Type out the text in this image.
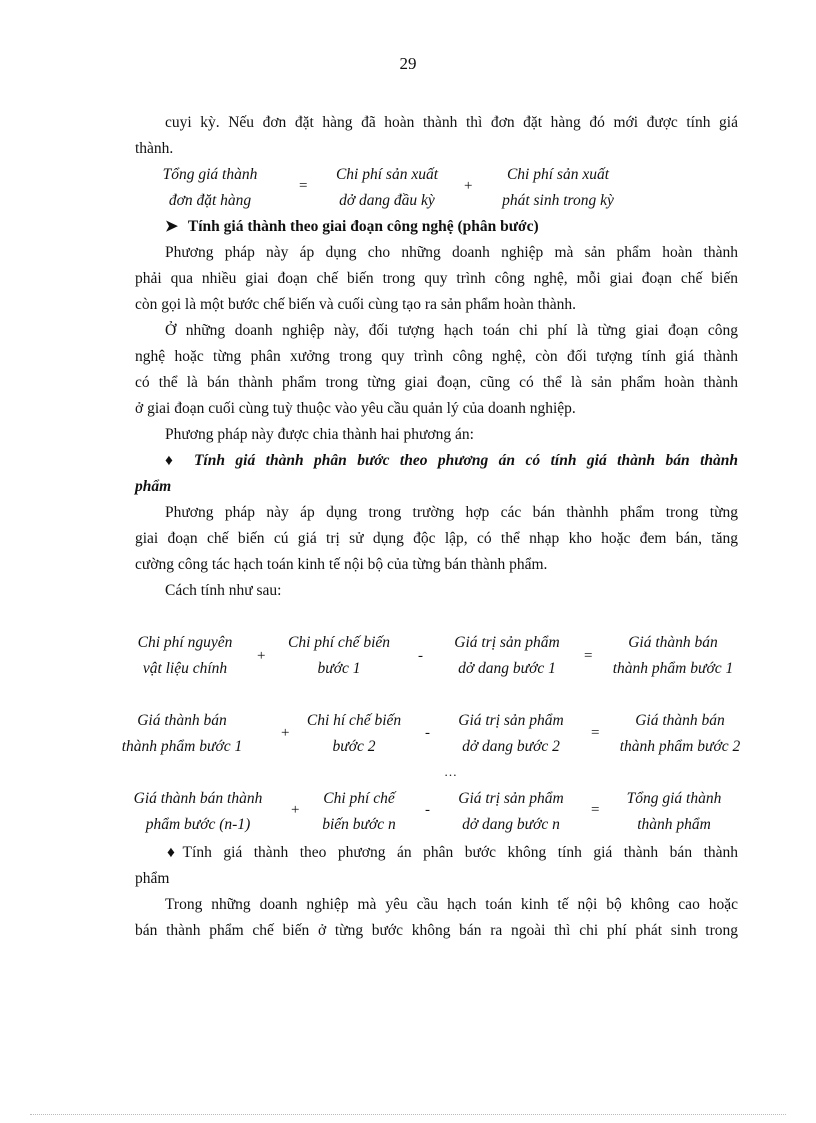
29
cuyi kỳ. Nếu đơn đặt hàng đã hoàn thành thì đơn đặt hàng đó mới được tính giá
thành.
Tổng giá thành
đơn đặt hàng
=
Chi phí sản xuất
dở dang đầu kỳ
+
Chi phí sản xuất
phát sinh trong kỳ
➤ Tính giá thành theo giai đoạn công nghệ (phân bước)
Phương pháp này áp dụng cho những doanh nghiệp mà sản phẩm hoàn thành
phải qua nhiều giai đoạn chế biến trong quy trình công nghệ, mỗi giai đoạn chế biến
còn gọi là một bước chế biến và cuối cùng tạo ra sản phẩm hoàn thành.
Ở những doanh nghiệp này, đối tượng hạch toán chi phí là từng giai đoạn công
nghệ hoặc từng phân xưởng trong quy trình công nghệ, còn đối tượng tính giá thành
có thể là bán thành phẩm trong từng giai đoạn, cũng có thể là sản phẩm hoàn thành
ở giai đoạn cuối cùng tuỳ thuộc vào yêu cầu quản lý của doanh nghiệp.
Phương pháp này được chia thành hai phương án:
♦ Tính giá thành phân bước theo phương án có tính giá thành bán thành
phẩm
Phương pháp này áp dụng trong trường hợp các bán thànhh phẩm trong từng
giai đoạn chế biến cú giá trị sử dụng độc lập, có thể nhạp kho hoặc đem bán, tăng
cường công tác hạch toán kinh tế nội bộ của từng bán thành phẩm.
Cách tính như sau:
Chi phí nguyên
vật liệu chính
+
Chi phí chế biến
bước 1
-
Giá trị sản phẩm
dở dang bước 1
=
Giá thành bán
thành phẩm bước 1
Giá thành bán
thành phẩm bước 1
+
Chi hí chế biến
bước 2
-
Giá trị sản phẩm
dở dang bước 2
=
Giá thành bán
thành phẩm bước 2
…
Giá thành bán thành
phẩm bước (n-1)
+
Chi phí chế
biến bước n
-
Giá trị sản phẩm
dở dang bước n
=
Tổng giá thành
thành phẩm
♦Tính giá thành theo phương án phân bước không tính giá thành bán thành
phẩm
Trong những doanh nghiệp mà yêu cầu hạch toán kinh tế nội bộ không cao hoặc
bán thành phẩm chế biến ở từng bước không bán ra ngoài thì chi phí phát sinh trong
